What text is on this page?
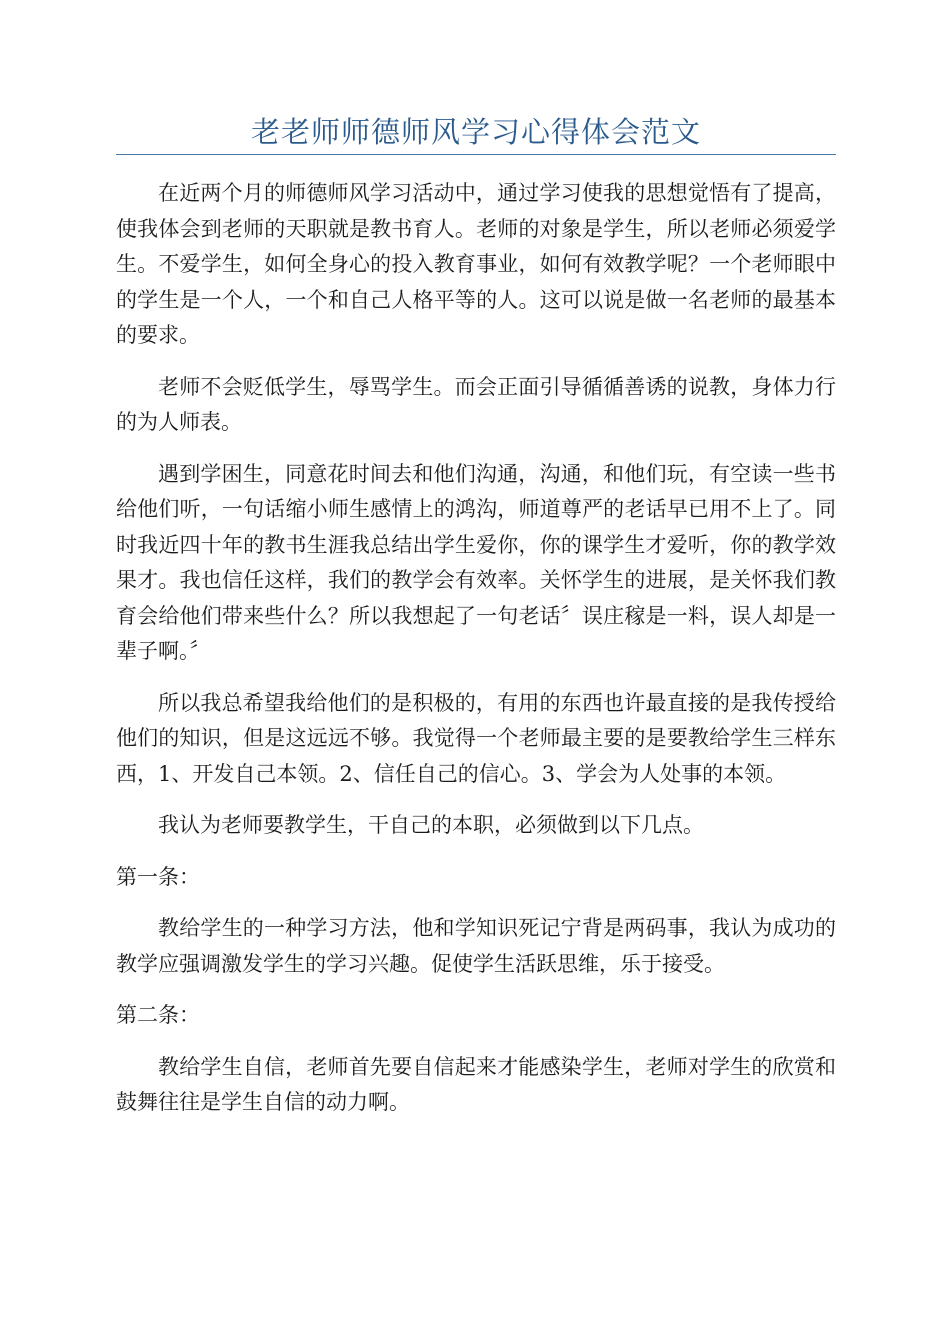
老老师师德师风学习心得体会范文

在近两个月的师德师风学习活动中，通过学习使我的思想觉悟有了提高，使我体会到老师的天职就是教书育人。老师的对象是学生，所以老师必须爱学生。不爱学生，如何全身心的投入教育事业，如何有效教学呢？一个老师眼中的学生是一个人，一个和自己人格平等的人。这可以说是做一名老师的最基本的要求。

老师不会贬低学生，辱骂学生。而会正面引导循循善诱的说教，身体力行的为人师表。

遇到学困生，同意花时间去和他们沟通，沟通，和他们玩，有空读一些书给他们听，一句话缩小师生感情上的鸿沟，师道尊严的老话早已用不上了。同时我近四十年的教书生涯我总结出学生爱你，你的课学生才爱听，你的教学效果才。我也信任这样，我们的教学会有效率。关怀学生的进展，是关怀我们教育会给他们带来些什么？所以我想起了一句老话〞误庄稼是一料，误人却是一辈子啊。〞

所以我总希望我给他们的是积极的，有用的东西也许最直接的是我传授给他们的知识，但是这远远不够。我觉得一个老师最主要的是要教给学生三样东西，1、开发自己本领。2、信任自己的信心。3、学会为人处事的本领。

我认为老师要教学生，干自己的本职，必须做到以下几点。

第一条：

教给学生的一种学习方法，他和学知识死记宁背是两码事，我认为成功的教学应强调激发学生的学习兴趣。促使学生活跃思维，乐于接受。

第二条：

教给学生自信，老师首先要自信起来才能感染学生，老师对学生的欣赏和鼓舞往往是学生自信的动力啊。
